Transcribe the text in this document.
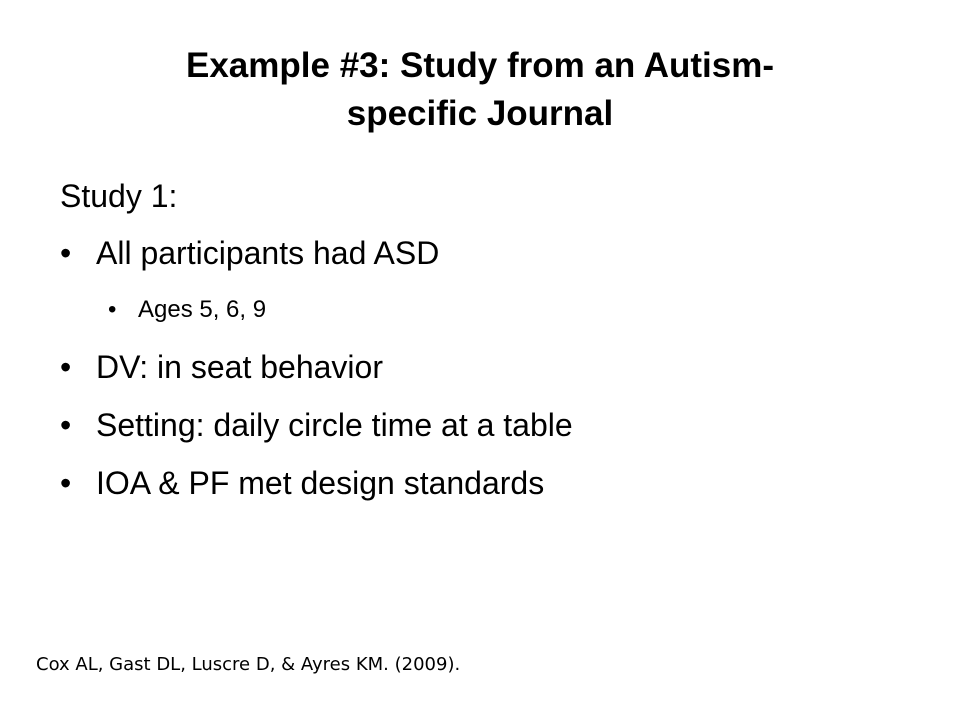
Example #3: Study from an Autism-
specific Journal
Study 1:
• All participants had ASD
• Ages 5, 6, 9
• DV: in seat behavior
• Setting: daily circle time at a table
• IOA & PF met design standards
Cox AL, Gast DL, Luscre D, & Ayres KM. (2009).
